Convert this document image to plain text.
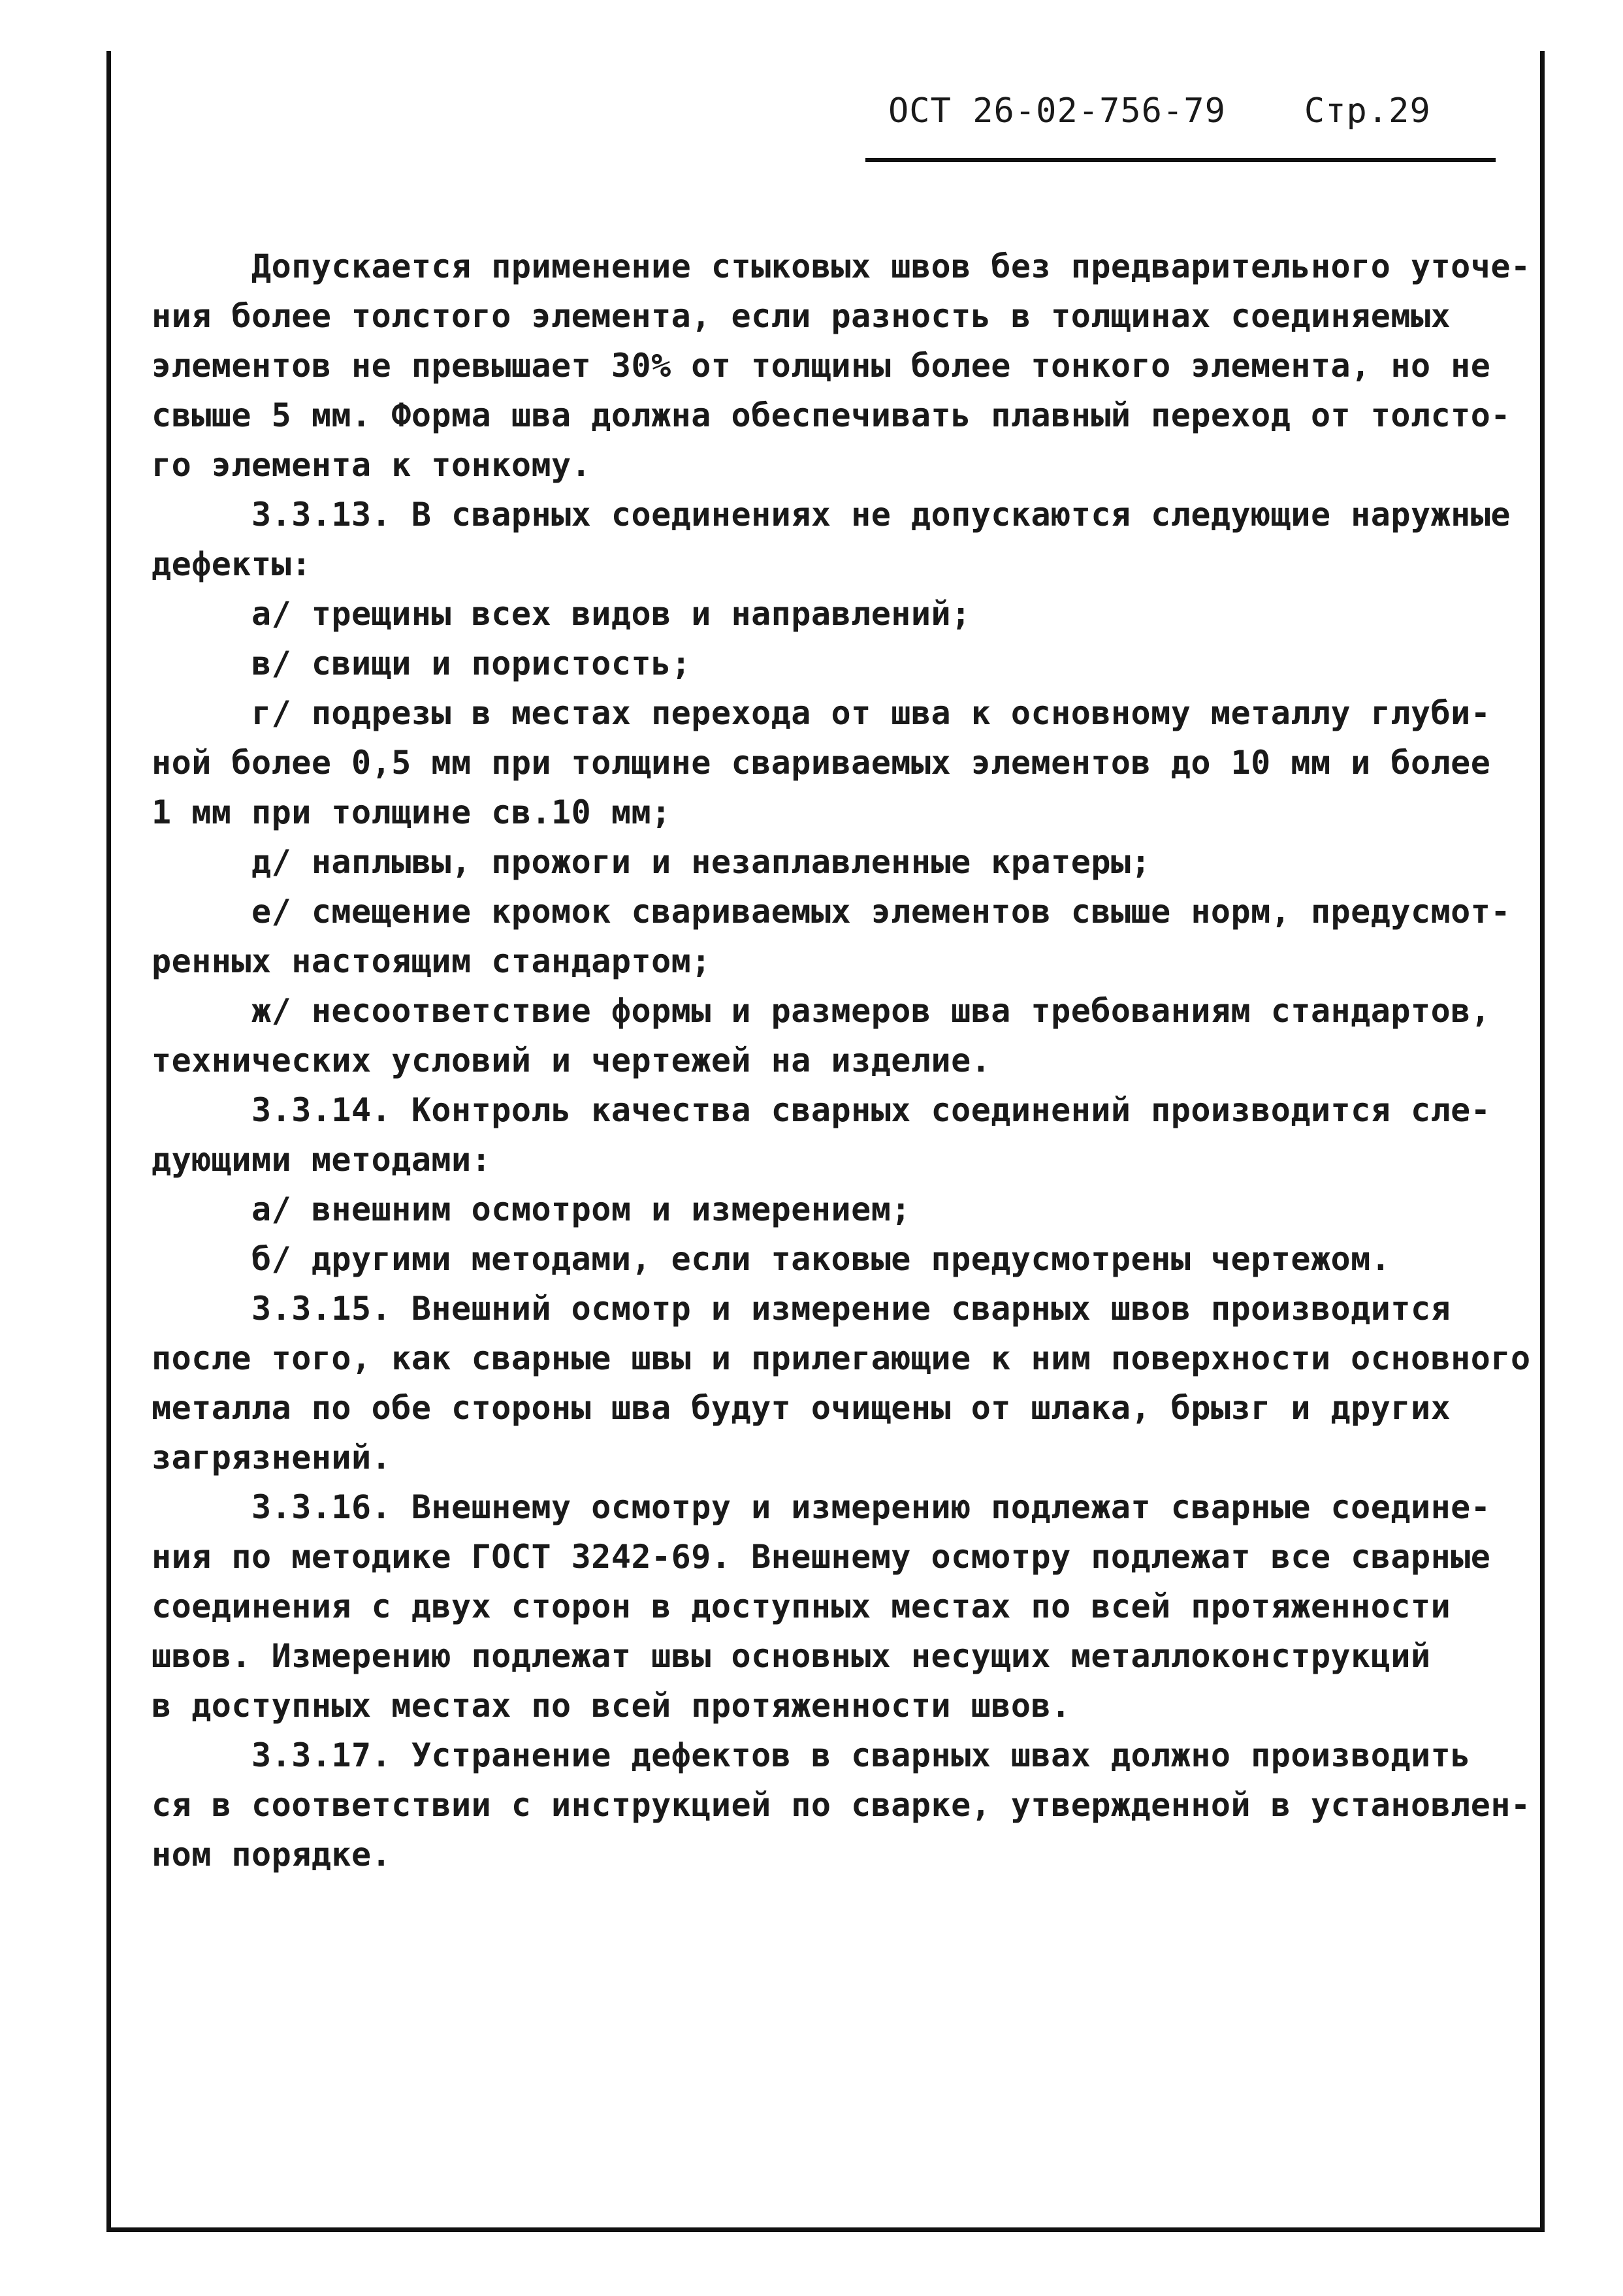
ОСТ 26-02-756-79 Стр.29
Допускается применение стыковых швов без предварительного уточе-
ния более толстого элемента, если разность в толщинах соединяемых
элементов не превышает 30% от толщины более тонкого элемента, но не
свыше 5 мм. Форма шва должна обеспечивать плавный переход от толсто-
го элемента к тонкому.
3.3.13. В сварных соединениях не допускаются следующие наружные
дефекты:
а/ трещины всех видов и направлений;
в/ свищи и пористость;
г/ подрезы в местах перехода от шва к основному металлу глуби-
ной более 0,5 мм при толщине свариваемых элементов до 10 мм и более
1 мм при толщине св.10 мм;
д/ наплывы, прожоги и незаплавленные кратеры;
е/ смещение кромок свариваемых элементов свыше норм, предусмот-
ренных настоящим стандартом;
ж/ несоответствие формы и размеров шва требованиям стандартов,
технических условий и чертежей на изделие.
3.3.14. Контроль качества сварных соединений производится сле-
дующими методами:
а/ внешним осмотром и измерением;
б/ другими методами, если таковые предусмотрены чертежом.
3.3.15. Внешний осмотр и измерение сварных швов производится
после того, как сварные швы и прилегающие к ним поверхности основного
металла по обе стороны шва будут очищены от шлака, брызг и других
загрязнений.
3.3.16. Внешнему осмотру и измерению подлежат сварные соедине-
ния по методике ГОСТ 3242-69. Внешнему осмотру подлежат все сварные
соединения с двух сторон в доступных местах по всей протяженности
швов. Измерению подлежат швы основных несущих металлоконструкций
в доступных местах по всей протяженности швов.
3.3.17. Устранение дефектов в сварных швах должно производить
ся в соответствии с инструкцией по сварке, утвержденной в установлен-
ном порядке.
